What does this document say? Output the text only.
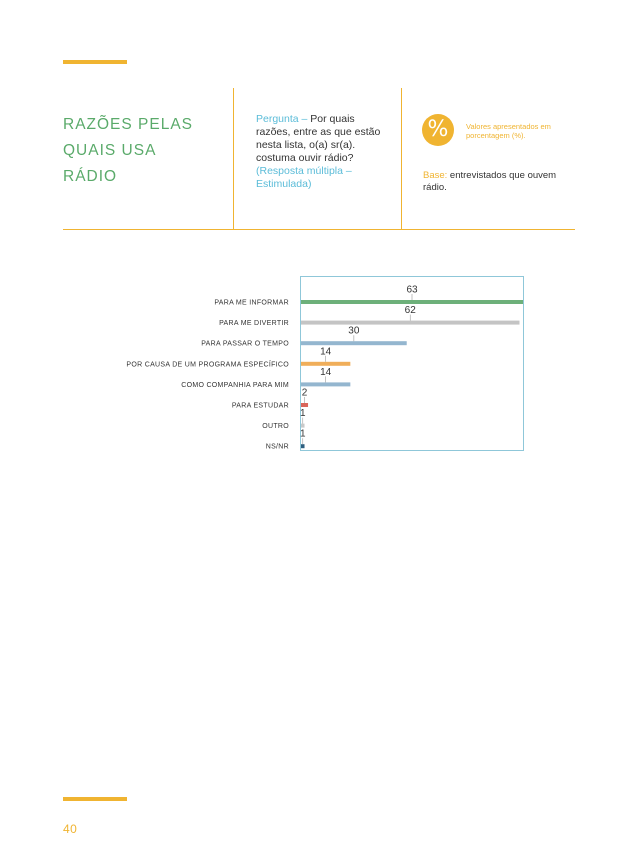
RAZÕES PELAS
QUAIS USA
RÁDIO
Pergunta – Por quais razões, entre as que estão nesta lista, o(a) sr(a). costuma ouvir rádio? (Resposta múltipla – Estimulada)
%	Valores apresentados em porcentagem (%).
Base: entrevistados que ouvem rádio.
63
PARA ME INFORMAR
62
PARA ME DIVERTIR
30
PARA PASSAR O TEMPO
14
POR CAUSA DE UM PROGRAMA ESPECÍFICO
14
COMO COMPANHIA PARA MIM
2
PARA ESTUDAR
1
OUTRO
1
NS/NR
40
